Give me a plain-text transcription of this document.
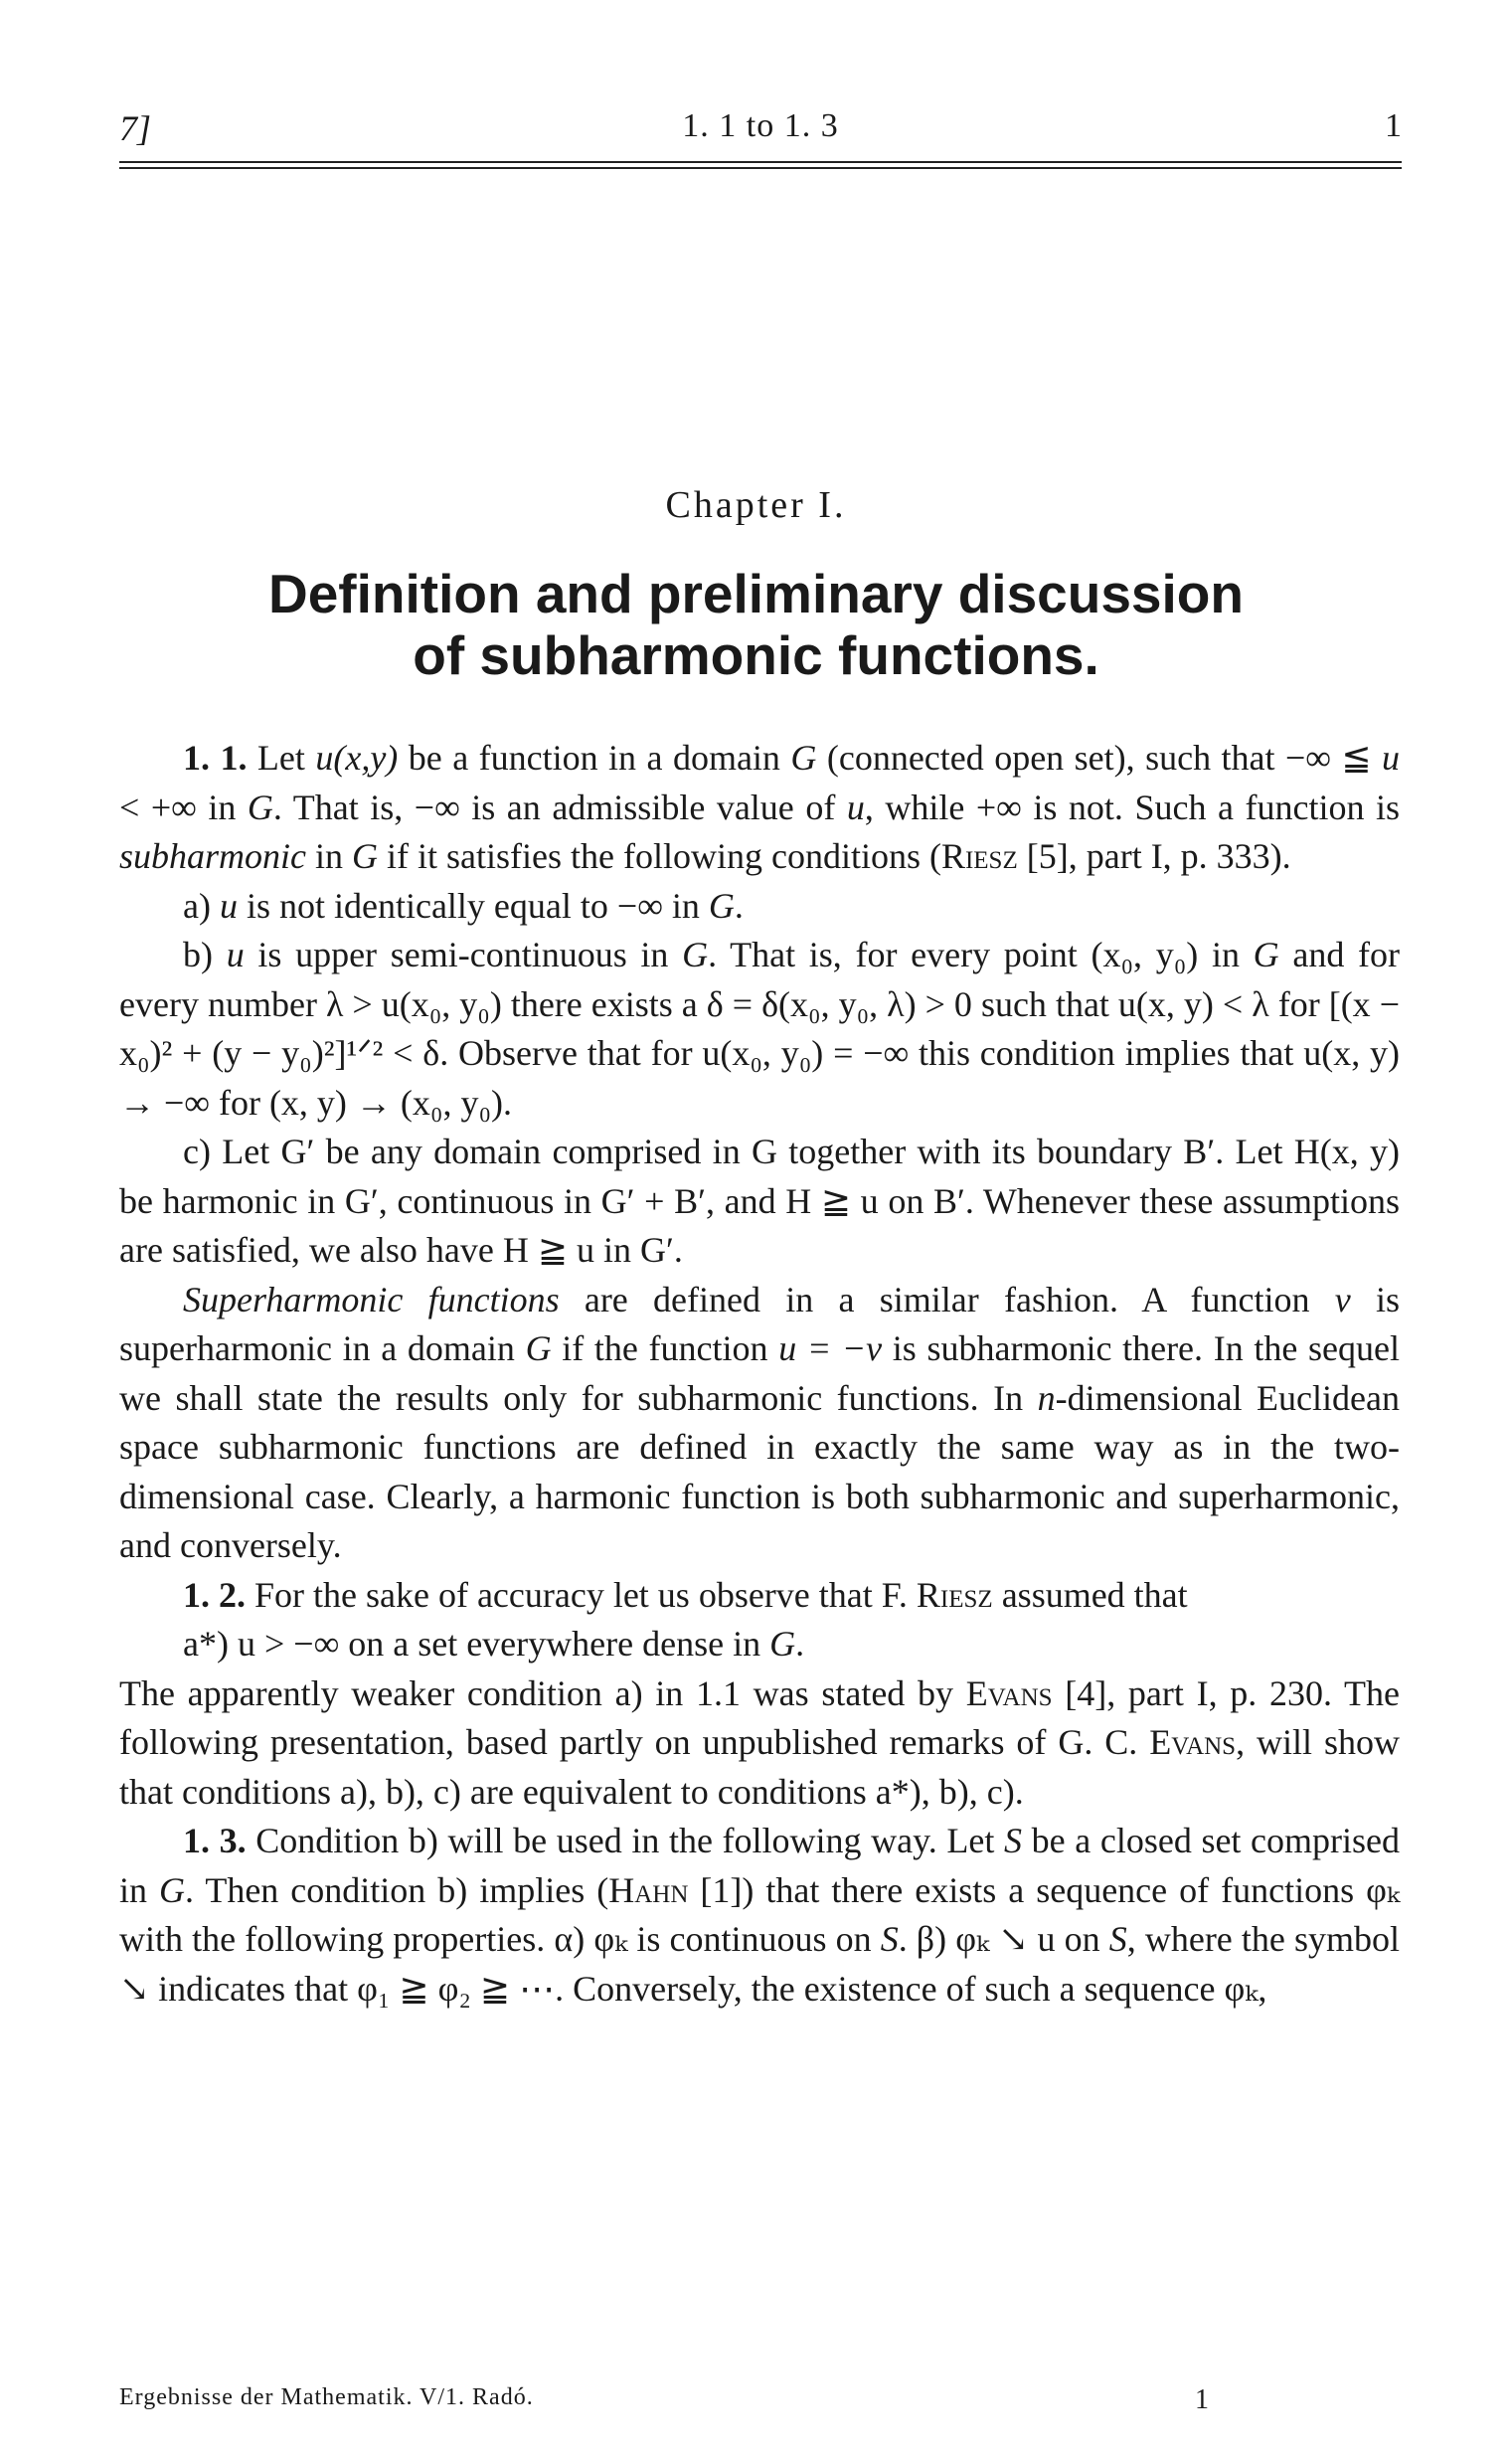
7]	1. 1 to 1. 3	1
Chapter I.
Definition and preliminary discussion
of subharmonic functions.

1. 1. Let u(x,y) be a function in a domain G (connected open set), such that −∞ ≦ u < +∞ in G. That is, −∞ is an admissible value of u, while +∞ is not. Such a function is subharmonic in G if it satisfies the following conditions (Riesz [5], part I, p. 333).

a) u is not identically equal to −∞ in G.

b) u is upper semi-continuous in G. That is, for every point (x₀, y₀) in G and for every number λ > u(x₀, y₀) there exists a δ = δ(x₀, y₀, λ) > 0 such that u(x, y) < λ for [(x − x₀)² + (y − y₀)²]¹ᐟ² < δ. Observe that for u(x₀, y₀) = −∞ this condition implies that u(x, y) → −∞ for (x, y) → (x₀, y₀).

c) Let G′ be any domain comprised in G together with its boundary B′. Let H(x, y) be harmonic in G′, continuous in G′ + B′, and H ≧ u on B′. Whenever these assumptions are satisfied, we also have H ≧ u in G′.

Superharmonic functions are defined in a similar fashion. A function v is superharmonic in a domain G if the function u = −v is subharmonic there. In the sequel we shall state the results only for subharmonic functions. In n-dimensional Euclidean space subharmonic functions are defined in exactly the same way as in the two-dimensional case. Clearly, a harmonic function is both subharmonic and superharmonic, and conversely.

1. 2. For the sake of accuracy let us observe that F. Riesz assumed that

a*) u > −∞ on a set everywhere dense in G.

The apparently weaker condition a) in 1.1 was stated by Evans [4], part I, p. 230. The following presentation, based partly on unpublished remarks of G. C. Evans, will show that conditions a), b), c) are equivalent to conditions a*), b), c).

1. 3. Condition b) will be used in the following way. Let S be a closed set comprised in G. Then condition b) implies (Hahn [1]) that there exists a sequence of functions φₖ with the following properties. α) φₖ is continuous on S. β) φₖ ↘ u on S, where the symbol ↘ indicates that φ₁ ≧ φ₂ ≧ ⋯. Conversely, the existence of such a sequence φₖ,

Ergebnisse der Mathematik. V/1. Radó.	1
